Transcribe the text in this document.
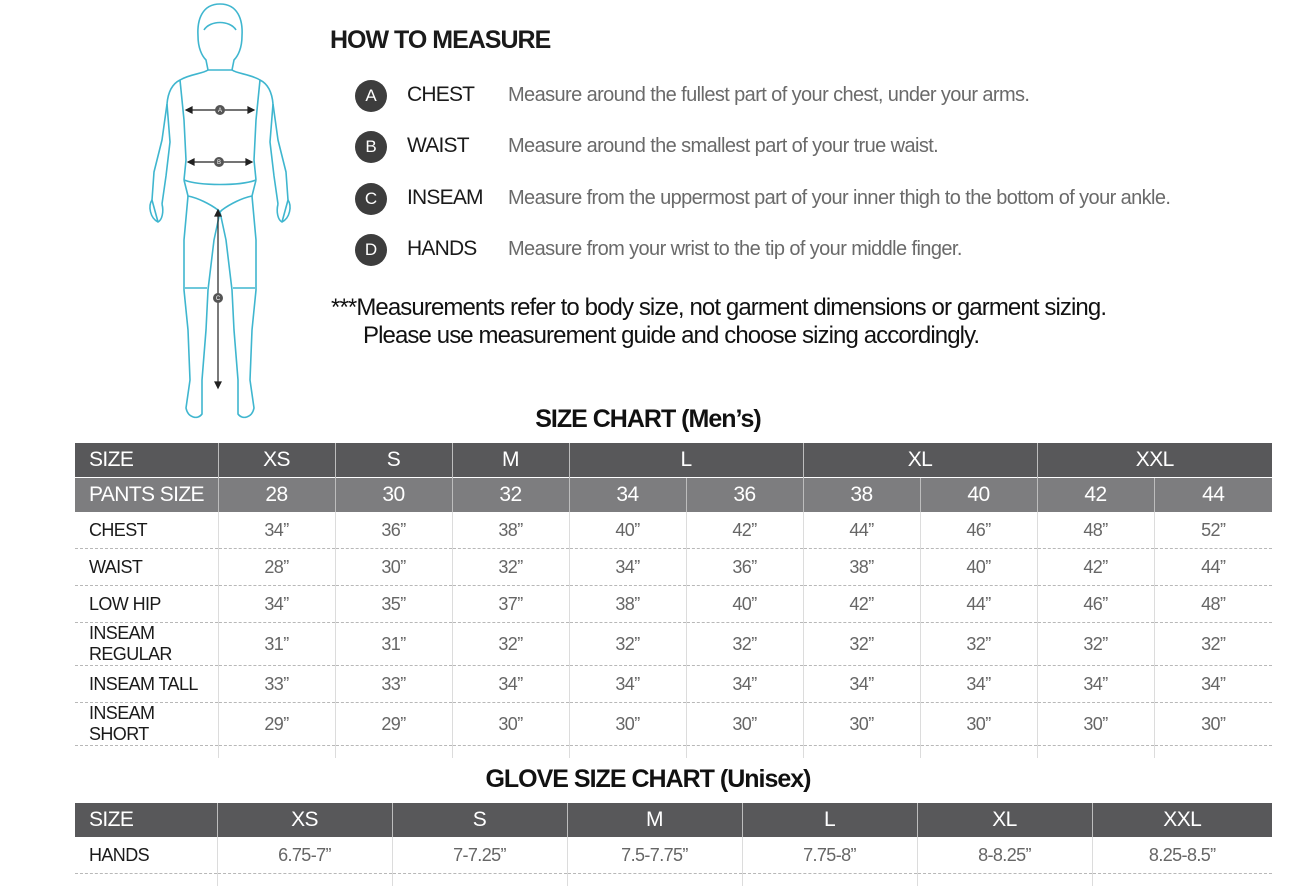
A
B
C
HOW TO MEASURE
A	CHEST Measure around the fullest part of your chest, under your arms.
B	WAIST Measure around the smallest part of your true waist.
C	INSEAM Measure from the uppermost part of your inner thigh to the bottom of your ankle.
D	HANDS Measure from your wrist to the tip of your middle finger.
***Measurements refer to body size, not garment dimensions or garment sizing.
Please use measurement guide and choose sizing accordingly.
SIZE CHART (Men’s)
SIZE	XS	S	M	L		XL		XXL	
PANTS SIZE	28	30	32	34	36	38	40	42	44
CHEST	34”	36”	38”	40”	42”	44”	46”	48”	52”
WAIST	28”	30”	32”	34”	36”	38”	40”	42”	44”
LOW HIP	34”	35”	37”	38”	40”	42”	44”	46”	48”
INSEAM REGULAR	31”	31”	32”	32”	32”	32”	32”	32”	32”
INSEAM TALL	33”	33”	34”	34”	34”	34”	34”	34”	34”
INSEAM SHORT	29”	29”	30”	30”	30”	30”	30”	30”	30”

GLOVE SIZE CHART (Unisex)
SIZE	XS	S	M	L	XL	XXL
HANDS	6.75-7”	7-7.25”	7.5-7.75”	7.75-8”	8-8.25”	8.25-8.5”
